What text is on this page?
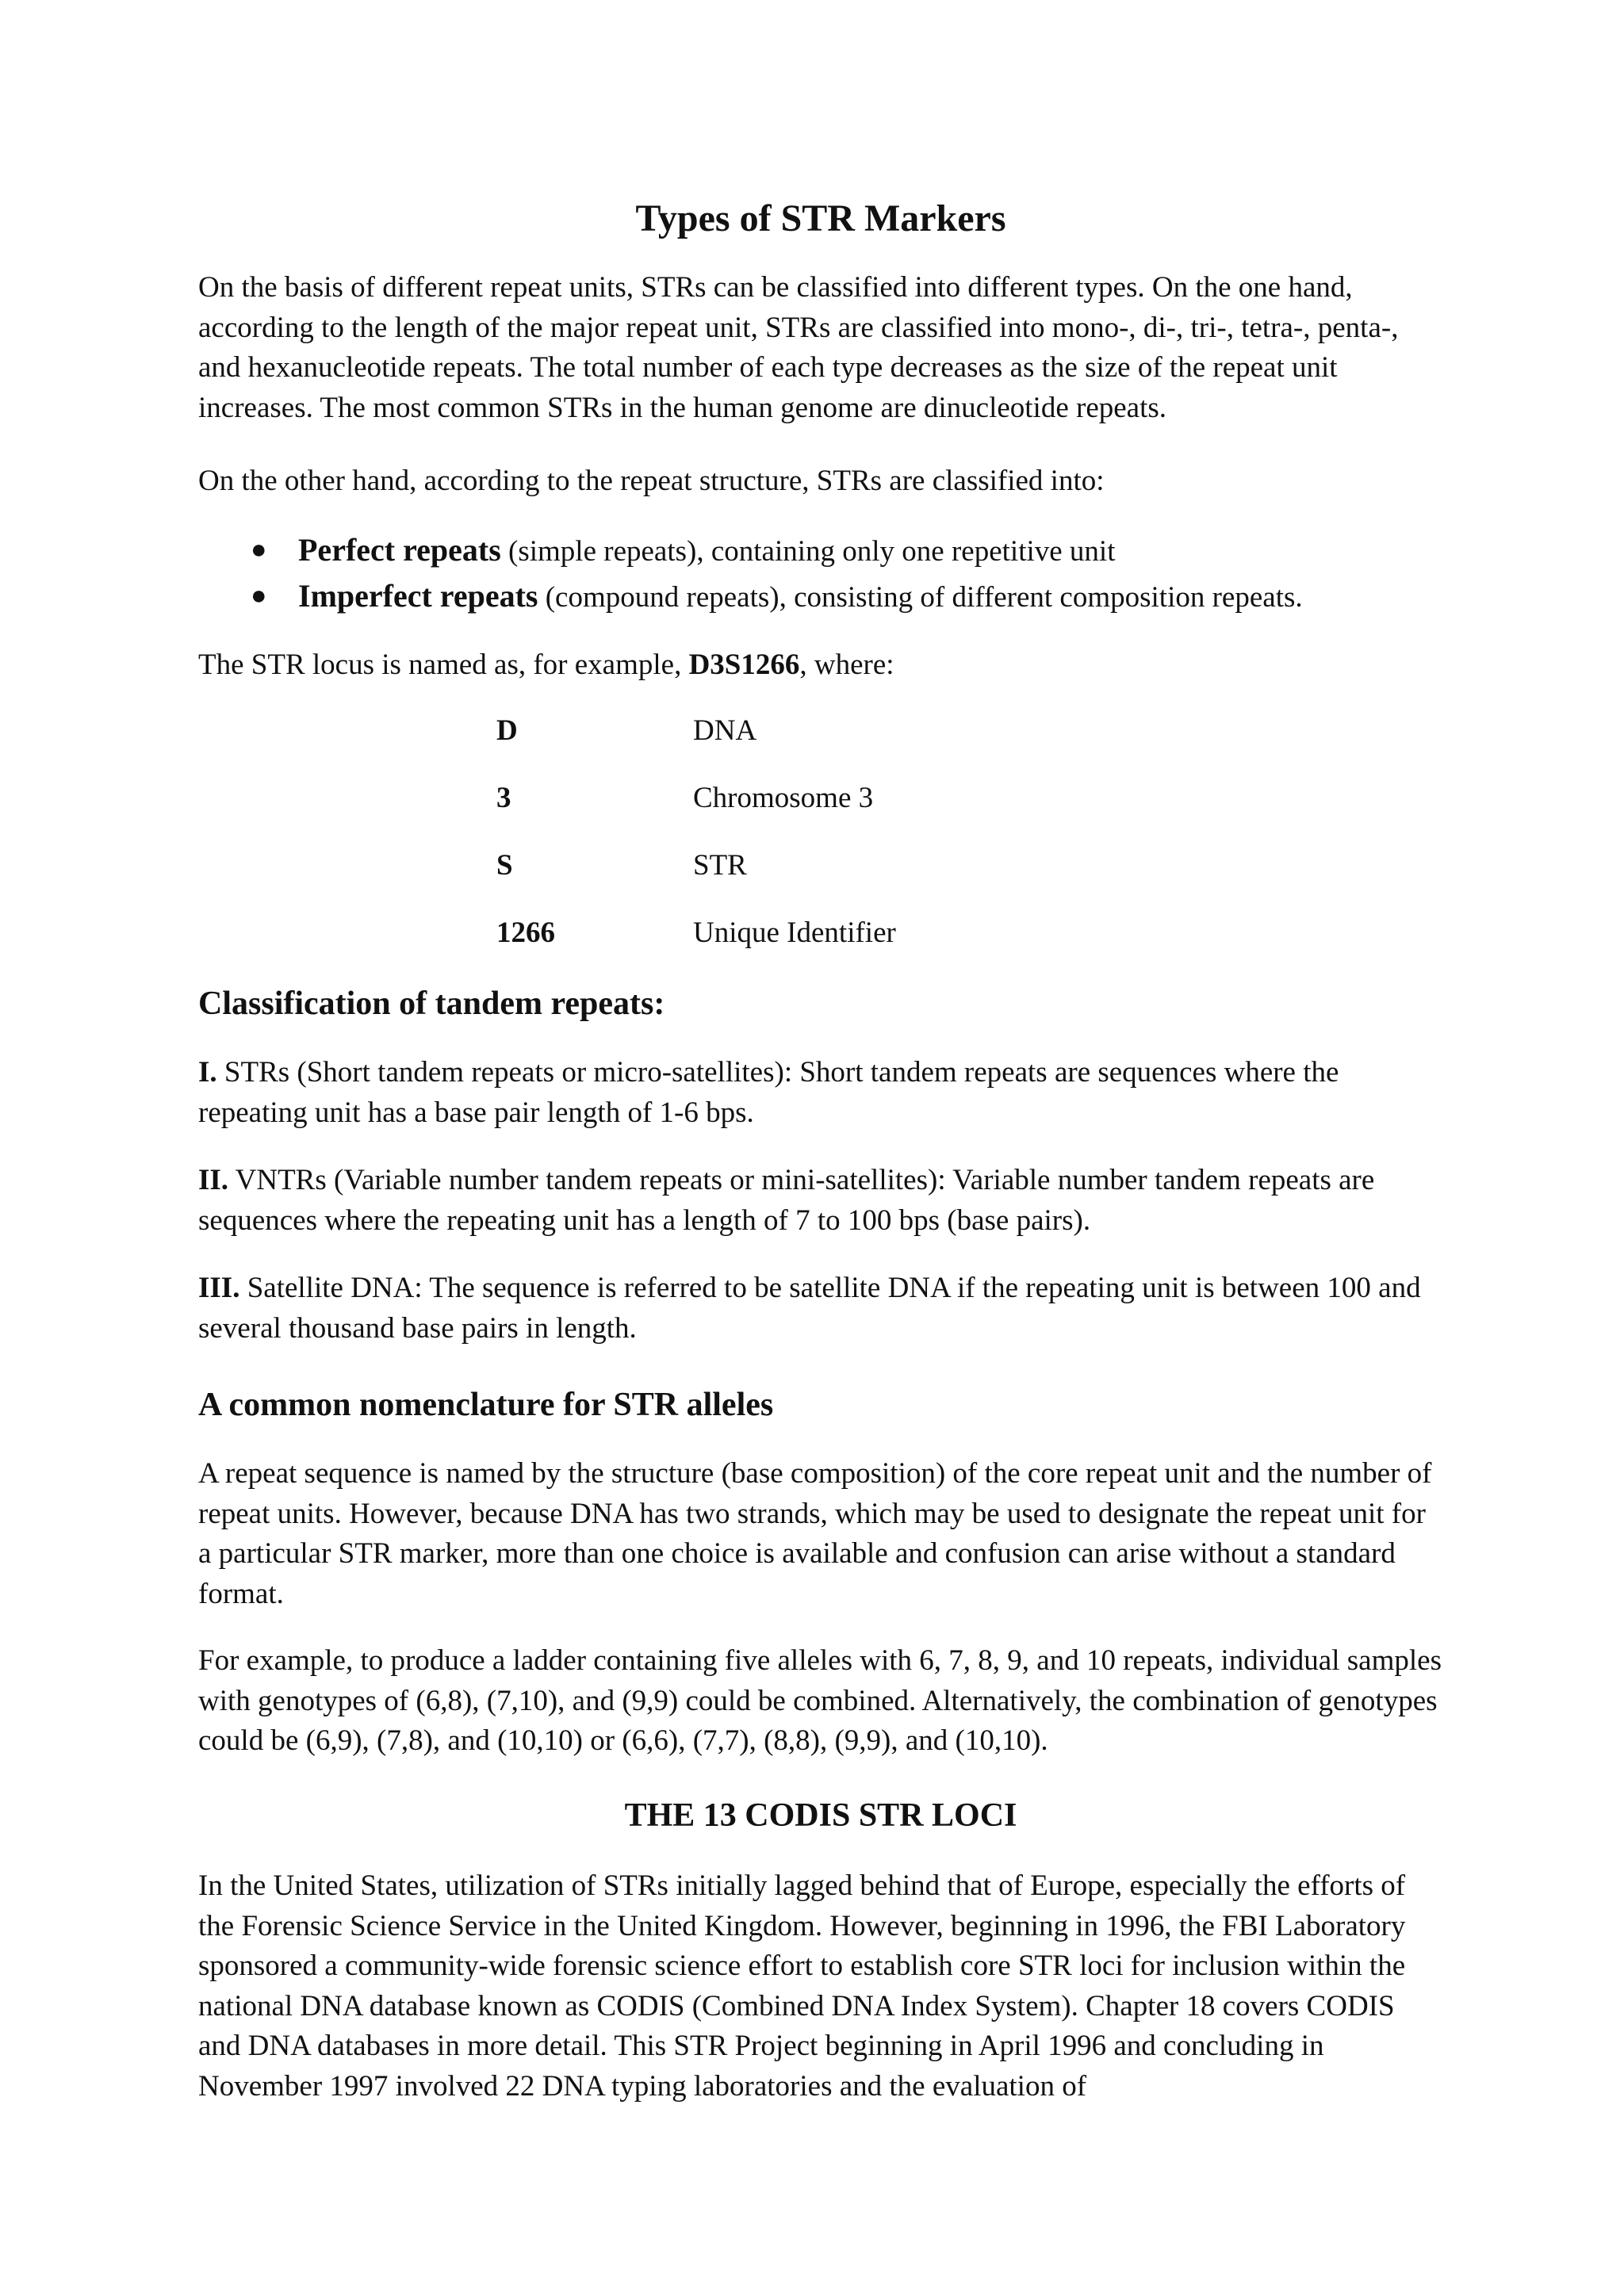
Types of STR Markers

On the basis of different repeat units, STRs can be classified into different types. On the one hand, according to the length of the major repeat unit, STRs are classified into mono-, di-, tri-, tetra-, penta-, and hexanucleotide repeats. The total number of each type decreases as the size of the repeat unit increases. The most common STRs in the human genome are dinucleotide repeats.

On the other hand, according to the repeat structure, STRs are classified into:

● Perfect repeats (simple repeats), containing only one repetitive unit
● Imperfect repeats (compound repeats), consisting of different composition repeats.

The STR locus is named as, for example, D3S1266, where:

D	DNA
3	Chromosome 3
S	STR
1266	Unique Identifier
Classification of tandem repeats:

I. STRs (Short tandem repeats or micro-satellites): Short tandem repeats are sequences where the repeating unit has a base pair length of 1-6 bps.

II. VNTRs (Variable number tandem repeats or mini-satellites): Variable number tandem repeats are sequences where the repeating unit has a length of 7 to 100 bps (base pairs).

III. Satellite DNA: The sequence is referred to be satellite DNA if the repeating unit is between 100 and several thousand base pairs in length.

A common nomenclature for STR alleles

A repeat sequence is named by the structure (base composition) of the core repeat unit and the number of repeat units. However, because DNA has two strands, which may be used to designate the repeat unit for a particular STR marker, more than one choice is available and confusion can arise without a standard format.

For example, to produce a ladder containing five alleles with 6, 7, 8, 9, and 10 repeats, individual samples with genotypes of (6,8), (7,10), and (9,9) could be combined. Alternatively, the combination of genotypes could be (6,9), (7,8), and (10,10) or (6,6), (7,7), (8,8), (9,9), and (10,10).

THE 13 CODIS STR LOCI

In the United States, utilization of STRs initially lagged behind that of Europe, especially the efforts of the Forensic Science Service in the United Kingdom. However, beginning in 1996, the FBI Laboratory sponsored a community-wide forensic science effort to establish core STR loci for inclusion within the national DNA database known as CODIS (Combined DNA Index System). Chapter 18 covers CODIS and DNA databases in more detail. This STR Project beginning in April 1996 and concluding in November 1997 involved 22 DNA typing laboratories and the evaluation of
